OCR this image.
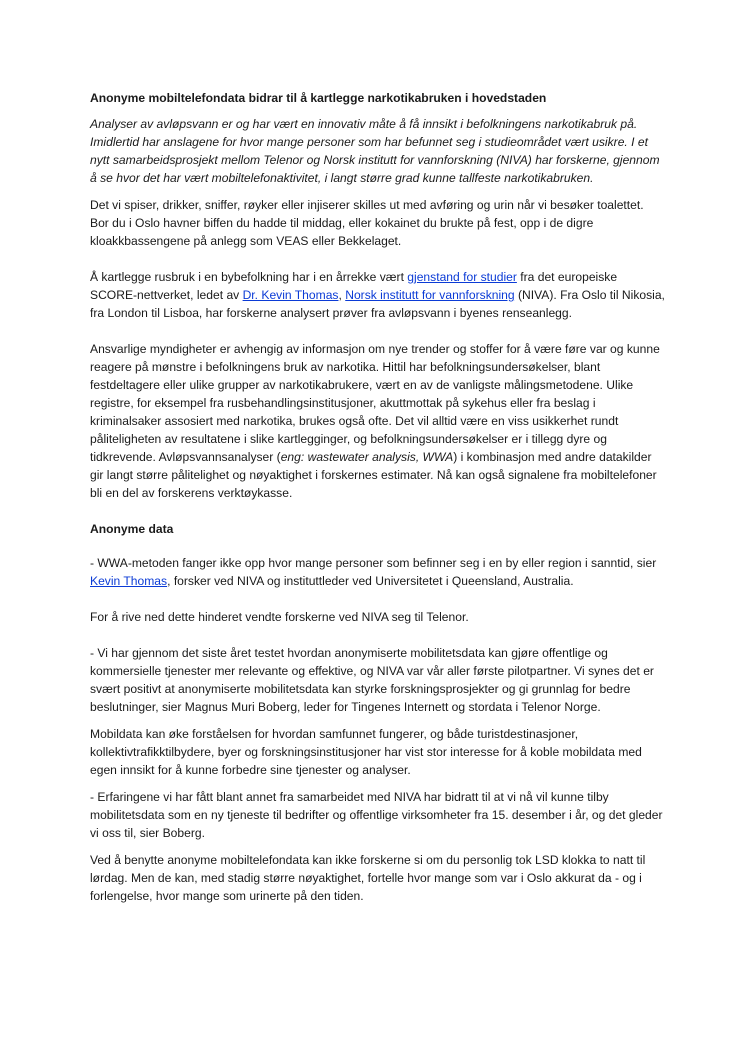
Anonyme mobiltelefondata bidrar til å kartlegge narkotikabruken i hovedstaden

Analyser av avløpsvann er og har vært en innovativ måte å få innsikt i befolkningens narkotikabruk på. Imidlertid har anslagene for hvor mange personer som har befunnet seg i studieområdet vært usikre. I et nytt samarbeidsprosjekt mellom Telenor og Norsk institutt for vannforskning (NIVA) har forskerne, gjennom å se hvor det har vært mobiltelefonaktivitet, i langt større grad kunne tallfeste narkotikabruken.

Det vi spiser, drikker, sniffer, røyker eller injiserer skilles ut med avføring og urin når vi besøker toalettet. Bor du i Oslo havner biffen du hadde til middag, eller kokainet du brukte på fest, opp i de digre kloakkbassengene på anlegg som VEAS eller Bekkelaget.

Å kartlegge rusbruk i en bybefolkning har i en årrekke vært gjenstand for studier fra det europeiske SCORE-nettverket, ledet av Dr. Kevin Thomas, Norsk institutt for vannforskning (NIVA). Fra Oslo til Nikosia, fra London til Lisboa, har forskerne analysert prøver fra avløpsvann i byenes renseanlegg.

Ansvarlige myndigheter er avhengig av informasjon om nye trender og stoffer for å være føre var og kunne reagere på mønstre i befolkningens bruk av narkotika. Hittil har befolkningsundersøkelser, blant festdeltagere eller ulike grupper av narkotikabrukere, vært en av de vanligste målingsmetodene. Ulike registre, for eksempel fra rusbehandlingsinstitusjoner, akuttmottak på sykehus eller fra beslag i kriminalsaker assosiert med narkotika, brukes også ofte. Det vil alltid være en viss usikkerhet rundt påliteligheten av resultatene i slike kartlegginger, og befolkningsundersøkelser er i tillegg dyre og tidkrevende. Avløpsvannsanalyser (eng: wastewater analysis, WWA) i kombinasjon med andre datakilder gir langt større pålitelighet og nøyaktighet i forskernes estimater. Nå kan også signalene fra mobiltelefoner bli en del av forskerens verktøykasse.

Anonyme data

- WWA-metoden fanger ikke opp hvor mange personer som befinner seg i en by eller region i sanntid, sier Kevin Thomas, forsker ved NIVA og instituttleder ved Universitetet i Queensland, Australia.

For å rive ned dette hinderet vendte forskerne ved NIVA seg til Telenor.

- Vi har gjennom det siste året testet hvordan anonymiserte mobilitetsdata kan gjøre offentlige og kommersielle tjenester mer relevante og effektive, og NIVA var vår aller første pilotpartner. Vi synes det er svært positivt at anonymiserte mobilitetsdata kan styrke forskningsprosjekter og gi grunnlag for bedre beslutninger, sier Magnus Muri Boberg, leder for Tingenes Internett og stordata i Telenor Norge.

Mobildata kan øke forståelsen for hvordan samfunnet fungerer, og både turistdestinasjoner, kollektivtrafikktilbydere, byer og forskningsinstitusjoner har vist stor interesse for å koble mobildata med egen innsikt for å kunne forbedre sine tjenester og analyser.

- Erfaringene vi har fått blant annet fra samarbeidet med NIVA har bidratt til at vi nå vil kunne tilby mobilitetsdata som en ny tjeneste til bedrifter og offentlige virksomheter fra 15. desember i år, og det gleder vi oss til, sier Boberg.

Ved å benytte anonyme mobiltelefondata kan ikke forskerne si om du personlig tok LSD klokka to natt til lørdag. Men de kan, med stadig større nøyaktighet, fortelle hvor mange som var i Oslo akkurat da - og i forlengelse, hvor mange som urinerte på den tiden.
